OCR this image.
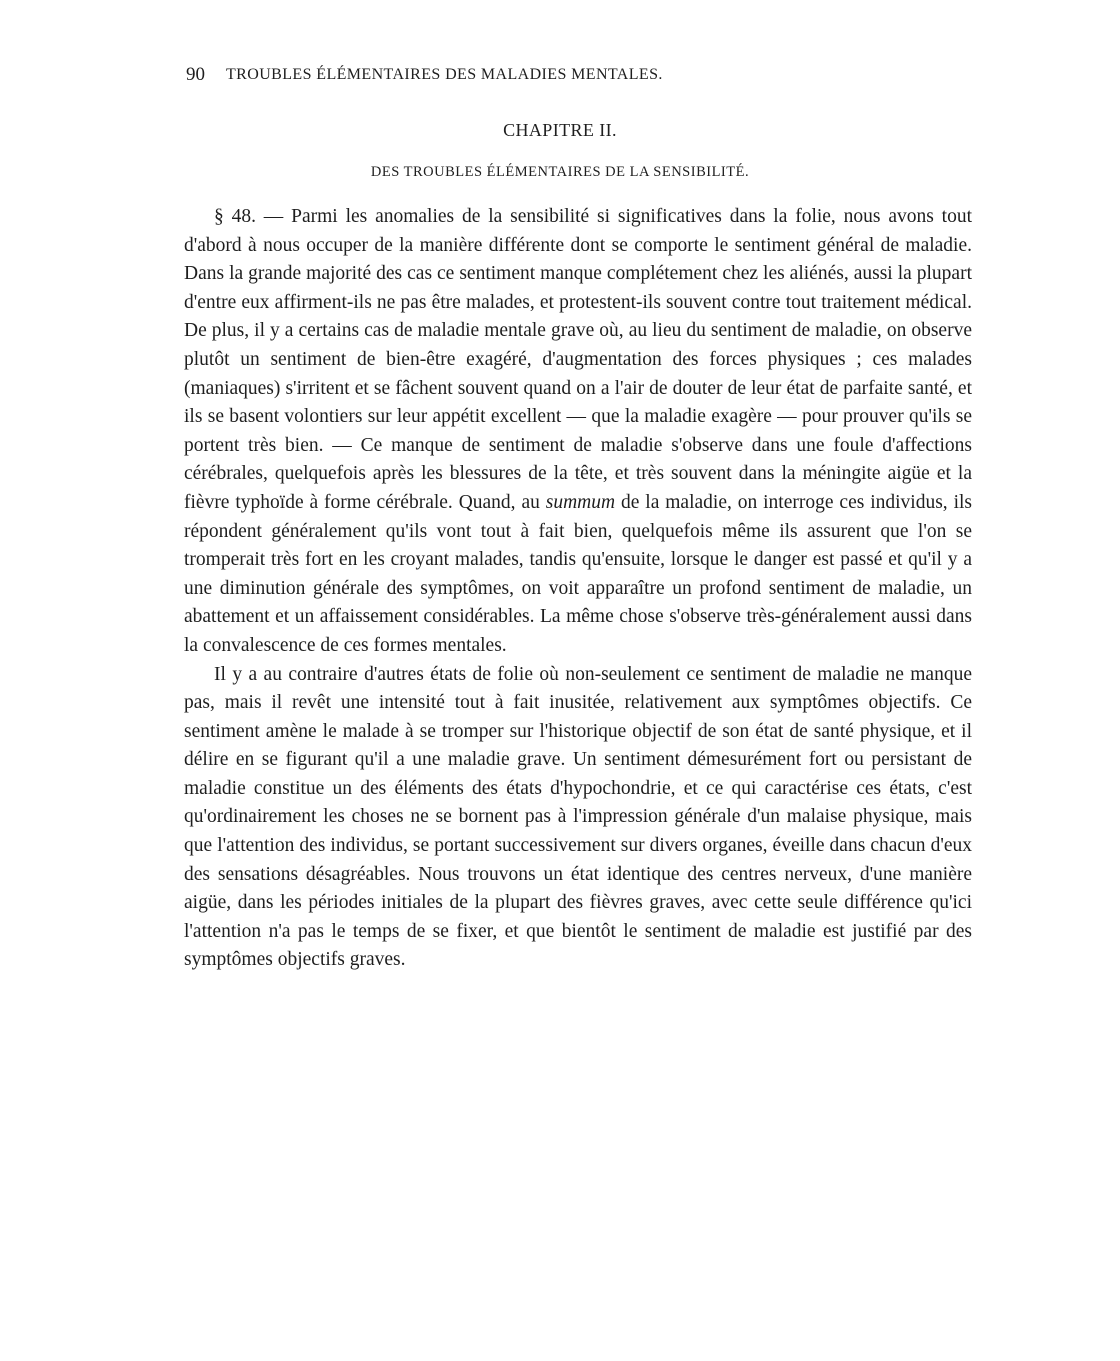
90 TROUBLES ÉLÉMENTAIRES DES MALADIES MENTALES.
CHAPITRE II.
DES TROUBLES ÉLÉMENTAIRES DE LA SENSIBILITÉ.

§ 48. — Parmi les anomalies de la sensibilité si significatives dans la folie, nous avons tout d'abord à nous occuper de la manière différente dont se comporte le sentiment général de maladie. Dans la grande majorité des cas ce sentiment manque complétement chez les aliénés, aussi la plupart d'entre eux affirment-ils ne pas être malades, et protestent-ils souvent contre tout traitement médical. De plus, il y a certains cas de maladie mentale grave où, au lieu du sentiment de maladie, on observe plutôt un sentiment de bien-être exagéré, d'augmentation des forces physiques ; ces malades (maniaques) s'irritent et se fâchent souvent quand on a l'air de douter de leur état de parfaite santé, et ils se basent volontiers sur leur appétit excellent — que la maladie exagère — pour prouver qu'ils se portent très bien. — Ce manque de sentiment de maladie s'observe dans une foule d'affections cérébrales, quelquefois après les blessures de la tête, et très souvent dans la méningite aigüe et la fièvre typhoïde à forme cérébrale. Quand, au summum de la maladie, on interroge ces individus, ils répondent généralement qu'ils vont tout à fait bien, quelquefois même ils assurent que l'on se tromperait très fort en les croyant malades, tandis qu'ensuite, lorsque le danger est passé et qu'il y a une diminution générale des symptômes, on voit apparaître un profond sentiment de maladie, un abattement et un affaissement considérables. La même chose s'observe très-généralement aussi dans la convalescence de ces formes mentales.

Il y a au contraire d'autres états de folie où non-seulement ce sentiment de maladie ne manque pas, mais il revêt une intensité tout à fait inusitée, relativement aux symptômes objectifs. Ce sentiment amène le malade à se tromper sur l'historique objectif de son état de santé physique, et il délire en se figurant qu'il a une maladie grave. Un sentiment démesurément fort ou persistant de maladie constitue un des éléments des états d'hypochondrie, et ce qui caractérise ces états, c'est qu'ordinairement les choses ne se bornent pas à l'impression générale d'un malaise physique, mais que l'attention des individus, se portant successivement sur divers organes, éveille dans chacun d'eux des sensations désagréables. Nous trouvons un état identique des centres nerveux, d'une manière aigüe, dans les périodes initiales de la plupart des fièvres graves, avec cette seule différence qu'ici l'attention n'a pas le temps de se fixer, et que bientôt le sentiment de maladie est justifié par des symptômes objectifs graves.
